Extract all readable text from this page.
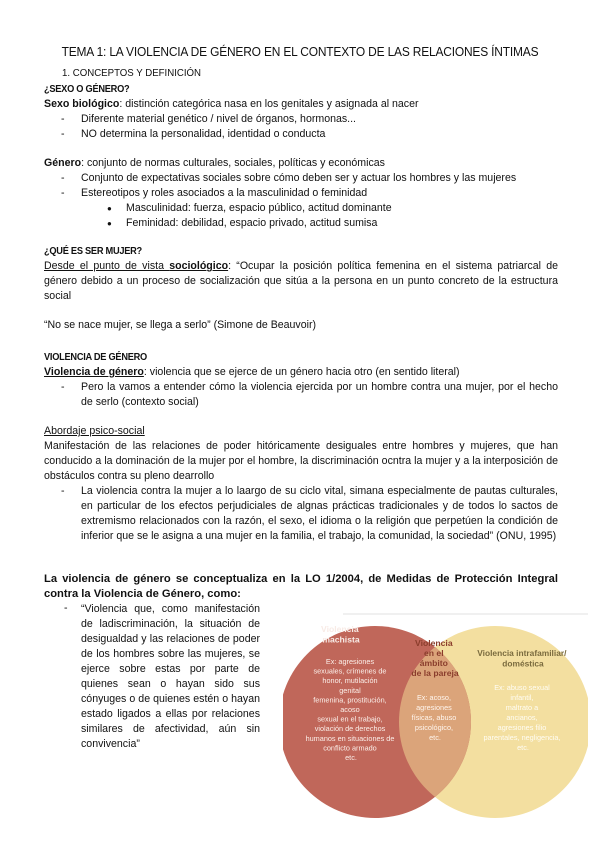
TEMA 1: LA VIOLENCIA DE GÉNERO EN EL CONTEXTO DE LAS RELACIONES ÍNTIMAS
1. CONCEPTOS Y DEFINICIÓN
¿SEXO O GÉNERO?
Sexo biológico: distinción categórica nasa en los genitales y asignada al nacer
- Diferente material genético / nivel de órganos, hormonas...
- NO determina la personalidad, identidad o conducta
Género: conjunto de normas culturales, sociales, políticas y económicas
- Conjunto de expectativas sociales sobre cómo deben ser y actuar los hombres y las mujeres
- Estereotipos y roles asociados a la masculinidad o feminidad
● Masculinidad: fuerza, espacio público, actitud dominante
● Feminidad: debilidad, espacio privado, actitud sumisa
¿QUÉ ES SER MUJER?
Desde el punto de vista sociológico: “Ocupar la posición política femenina en el sistema patriarcal de género debido a un proceso de socialización que sitúa a la persona en un punto concreto de la estructura social
“No se nace mujer, se llega a serlo” (Simone de Beauvoir)
VIOLENCIA DE GÉNERO
Violencia de género: violencia que se ejerce de un género hacia otro (en sentido literal)
- Pero la vamos a entender cómo la violencia ejercida por un hombre contra una mujer, por el hecho de serlo (contexto social)
Abordaje psico-social
Manifestación de las relaciones de poder hitóricamente desiguales entre hombres y mujeres, que han conducido a la dominación de la mujer por el hombre, la discriminación ocntra la mujer y a la interposición de obstáculos contra su pleno dearrollo
- La violencia contra la mujer a lo laargo de su ciclo vital, simana especialmente de pautas culturales, en particular de los efectos perjudiciales de algnas prácticas tradicionales y de todos lo sactos de extremismo relacionados con la razón, el sexo, el idioma o la religión que perpetúen la condición de inferior que se le asigna a una mujer en la familia, el trabajo, la comunidad, la sociedad” (ONU, 1995)
La violencia de género se conceptualiza en la LO 1/2004, de Medidas de Protección Integral contra la Violencia de Género, como:
- “Violencia que, como manifestación de ladiscriminación, la situación de desigualdad y las relaciones de poder de los hombres sobre las mujeres, se ejerce sobre estas por parte de quienes sean o hayan sido sus cónyuges o de quienes estén o hayan estado ligados a ellas por relaciones similares de afectividad, aún sin convivencia”
Violencia machista
Ex: agresiones sexuales, crímenes de honor, mutilación genital femenina, prostitución, acoso sexual en el trabajo, violación de derechos humanos en situaciones de conflicto armado etc.
Violencia en el ámbito de la pareja
Ex: acoso, agresiones físicas, abuso psicológico, etc.
Violencia intrafamiliar/ doméstica
Ex: abuso sexual infantil, maltrato a ancianos, agresiones filio parentales, negligencia, etc.
